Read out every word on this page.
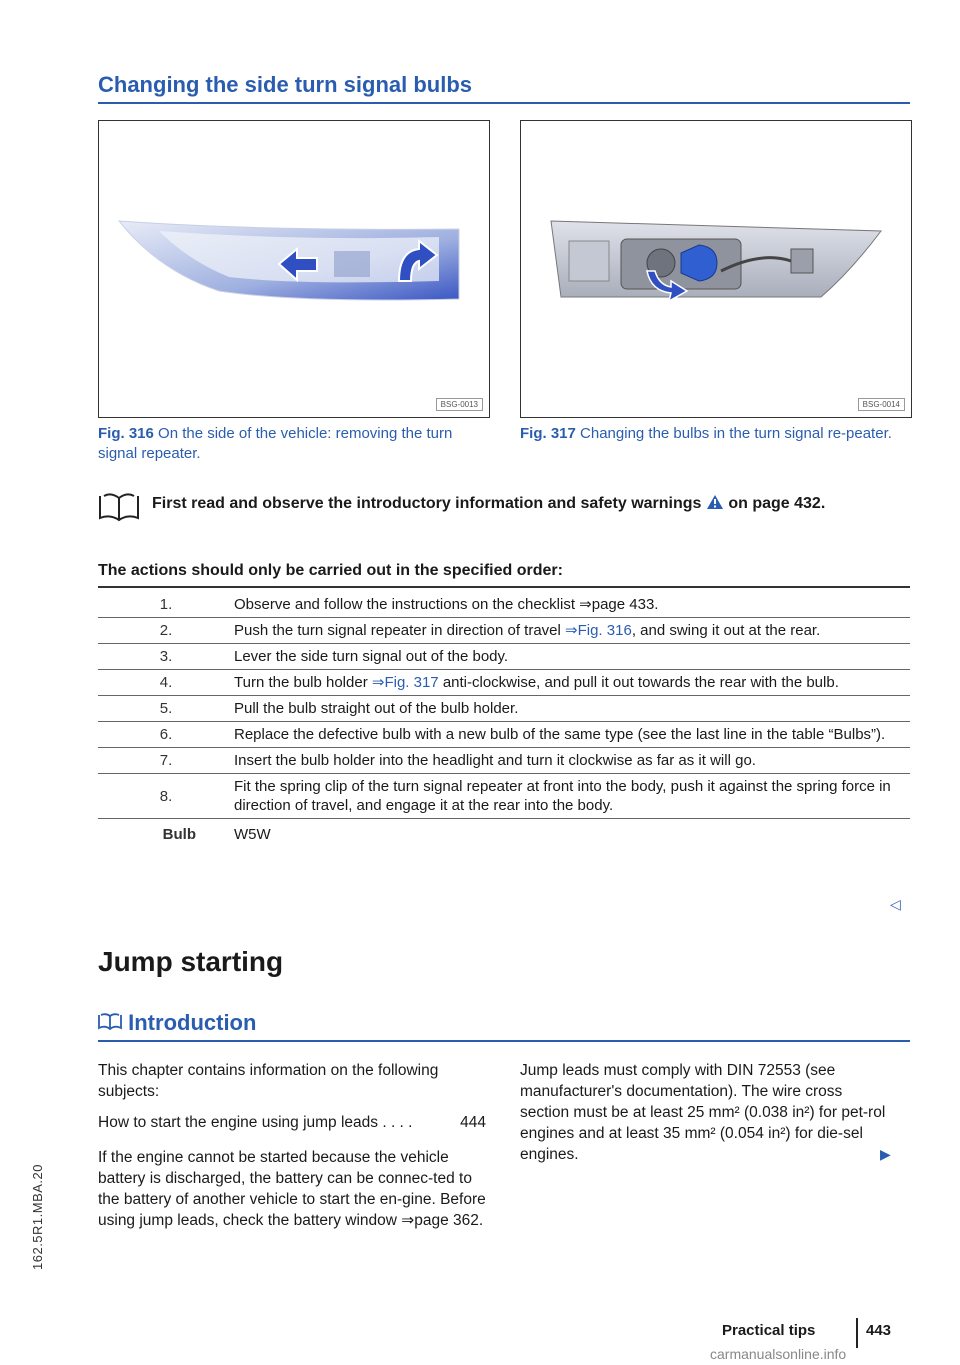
Changing the side turn signal bulbs
BSG-0013	BSG-0014
Fig. 316 On the side of the vehicle: removing the turn signal repeater.
Fig. 317 Changing the bulbs in the turn signal re-peater.
First read and observe the introductory information and safety warnings on page 432.
The actions should only be carried out in the specified order:
1.	Observe and follow the instructions on the checklist ⇒page 433.
2.	Push the turn signal repeater in direction of travel ⇒Fig. 316, and swing it out at the rear.
3.	Lever the side turn signal out of the body.
4.	Turn the bulb holder ⇒Fig. 317 anti-clockwise, and pull it out towards the rear with the bulb.
5.	Pull the bulb straight out of the bulb holder.
6.	Replace the defective bulb with a new bulb of the same type (see the last line in the table “Bulbs”).
7.	Insert the bulb holder into the headlight and turn it clockwise as far as it will go.
8.	Fit the spring clip of the turn signal repeater at front into the body, push it against the spring force in direction of travel, and engage it at the rear into the body.
Bulb	W5W
◁
Jump starting
Introduction

This chapter contains information on the following subjects:

How to start the engine using jump leads . . . .	444

If the engine cannot be started because the vehicle battery is discharged, the battery can be connec-ted to the battery of another vehicle to start the en-gine. Before using jump leads, check the battery window ⇒page 362.

Jump leads must comply with DIN 72553 (see manufacturer's documentation). The wire cross section must be at least 25 mm² (0.038 in²) for pet-rol engines and at least 35 mm² (0.054 in²) for die-sel engines.	▶
162.5R1.MBA.20
Practical tips	443
carmanualsonline.info
